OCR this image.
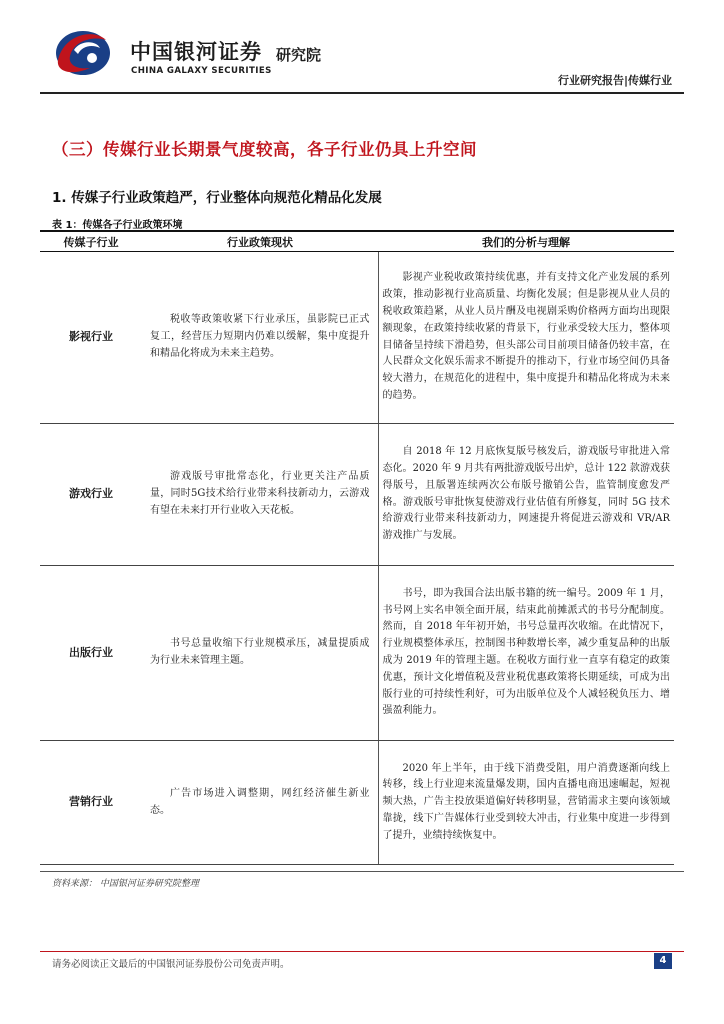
中国银河证券
CHINA GALAXY SECURITIES
研究院
行业研究报告|传媒行业
（三）传媒行业长期景气度较高，各子行业仍具上升空间
1. 传媒子行业政策趋严，行业整体向规范化精品化发展
表 1：传媒各子行业政策环境
传媒子行业	行业政策现状	我们的分析与理解
影视行业	税收等政策收紧下行业承压，虽影院已正式复工，经营压力短期内仍难以缓解，集中度提升和精品化将成为未来主趋势。	影视产业税收政策持续优惠，并有支持文化产业发展的系列政策，推动影视行业高质量、均衡化发展；但是影视从业人员的税收政策趋紧，从业人员片酬及电视剧采购价格两方面均出现限额现象，在政策持续收紧的背景下，行业承受较大压力，整体项目储备呈持续下滑趋势，但头部公司目前项目储备仍较丰富，在人民群众文化娱乐需求不断提升的推动下，行业市场空间仍具备较大潜力，在规范化的进程中，集中度提升和精品化将成为未来的趋势。

游戏行业	游戏版号审批常态化，行业更关注产品质量，同时5G技术给行业带来科技新动力，云游戏有望在未来打开行业收入天花板。	自 2018 年 12 月底恢复版号核发后，游戏版号审批进入常态化。2020 年 9 月共有两批游戏版号出炉，总计 122 款游戏获得版号，且版署连续两次公布版号撤销公告，监管制度愈发严格。游戏版号审批恢复使游戏行业估值有所修复，同时 5G 技术给游戏行业带来科技新动力，网速提升将促进云游戏和 VR/AR 游戏推广与发展。

出版行业	书号总量收缩下行业规模承压，减量提质成为行业未来管理主题。	书号，即为我国合法出版书籍的统一编号。2009 年 1 月，书号网上实名申领全面开展，结束此前摊派式的书号分配制度。然而，自 2018 年年初开始，书号总量再次收缩。在此情况下，行业规模整体承压，控制图书种数增长率，减少重复品种的出版成为 2019 年的管理主题。在税收方面行业一直享有稳定的政策优惠，预计文化增值税及营业税优惠政策将长期延续，可成为出版行业的可持续性利好，可为出版单位及个人减轻税负压力、增强盈利能力。

营销行业	广告市场进入调整期，网红经济催生新业态。	2020 年上半年，由于线下消费受阻，用户消费逐渐向线上转移，线上行业迎来流量爆发期，国内直播电商迅速崛起，短视频大热，广告主投放渠道偏好转移明显，营销需求主要向该领域靠拢，线下广告媒体行业受到较大冲击，行业集中度进一步得到了提升，业绩持续恢复中。
资料来源： 中国银河证券研究院整理
请务必阅读正文最后的中国银河证券股份公司免责声明。	4
